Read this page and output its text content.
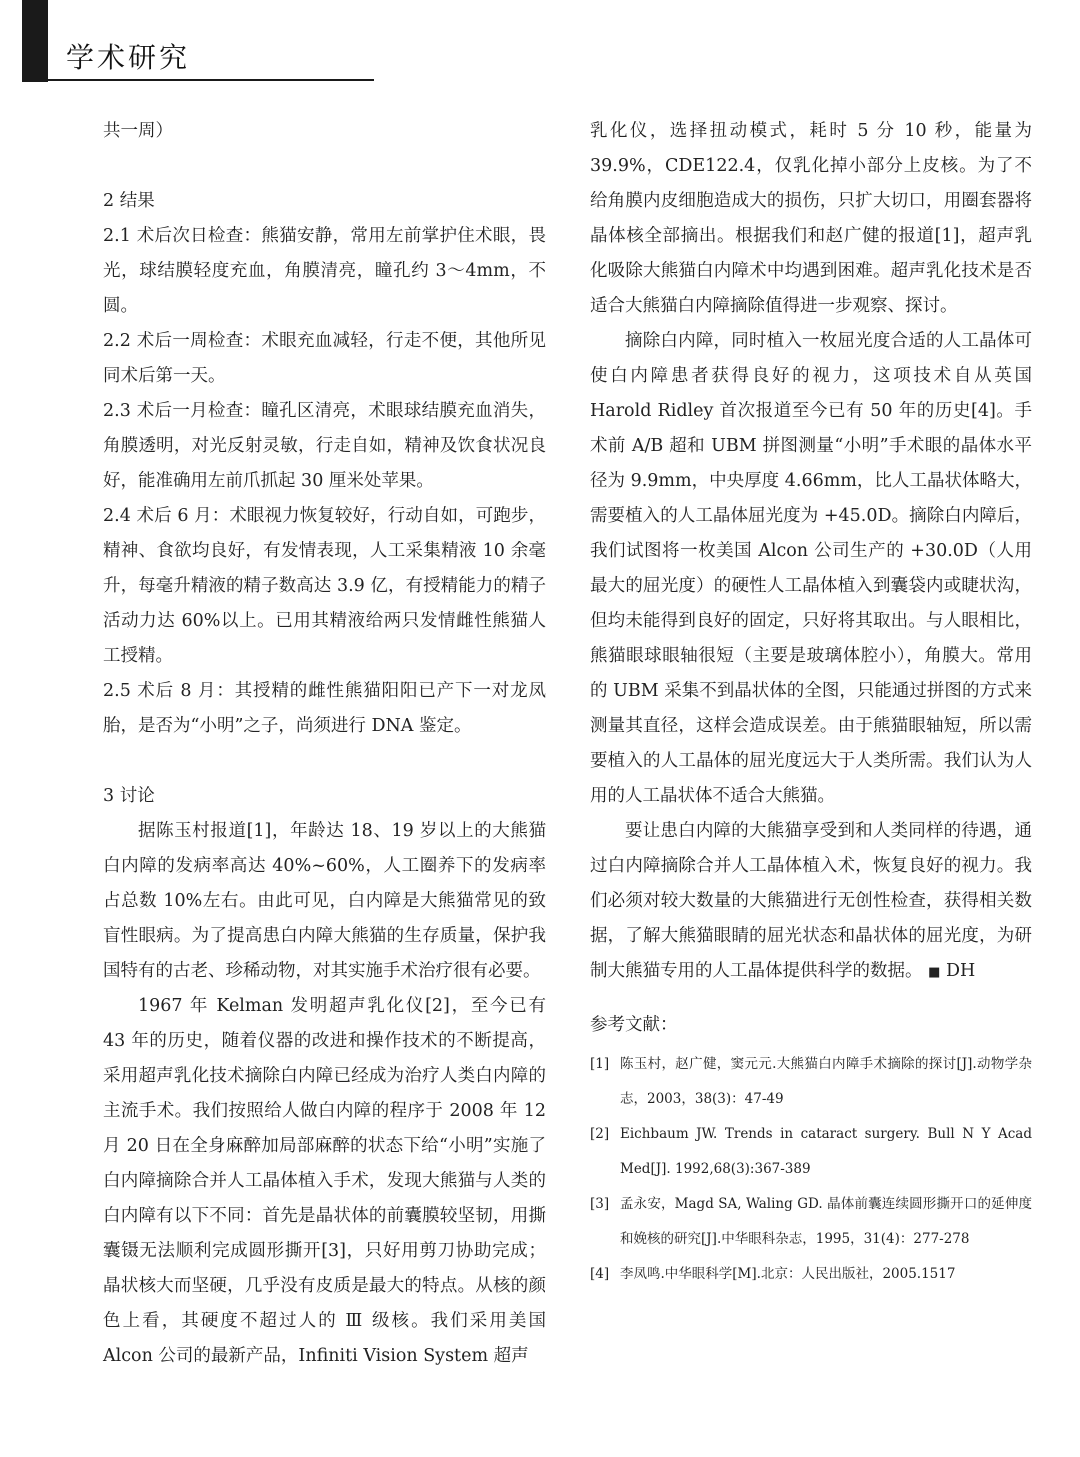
学术研究

共一周）

2 结果

2.1 术后次日检查：熊猫安静，常用左前掌护住术眼，畏光，球结膜轻度充血，角膜清亮，瞳孔约 3～4mm，不圆。

2.2 术后一周检查：术眼充血减轻，行走不便，其他所见同术后第一天。

2.3 术后一月检查：瞳孔区清亮，术眼球结膜充血消失，角膜透明，对光反射灵敏，行走自如，精神及饮食状况良好，能准确用左前爪抓起 30 厘米处苹果。

2.4 术后 6 月：术眼视力恢复较好，行动自如，可跑步，精神、食欲均良好，有发情表现，人工采集精液 10 余毫升，每毫升精液的精子数高达 3.9 亿，有授精能力的精子活动力达 60%以上。已用其精液给两只发情雌性熊猫人工授精。

2.5 术后 8 月：其授精的雌性熊猫阳阳已产下一对龙凤胎，是否为“小明”之子，尚须进行 DNA 鉴定。

3 讨论

据陈玉村报道[1]，年龄达 18、19 岁以上的大熊猫白内障的发病率高达 40%~60%，人工圈养下的发病率占总数 10%左右。由此可见，白内障是大熊猫常见的致盲性眼病。为了提高患白内障大熊猫的生存质量，保护我国特有的古老、珍稀动物，对其实施手术治疗很有必要。

1967 年 Kelman 发明超声乳化仪[2]，至今已有 43 年的历史，随着仪器的改进和操作技术的不断提高，采用超声乳化技术摘除白内障已经成为治疗人类白内障的主流手术。我们按照给人做白内障的程序于 2008 年 12 月 20 日在全身麻醉加局部麻醉的状态下给“小明”实施了白内障摘除合并人工晶体植入手术，发现大熊猫与人类的白内障有以下不同：首先是晶状体的前囊膜较坚韧，用撕囊镊无法顺利完成圆形撕开[3]，只好用剪刀协助完成；晶状核大而坚硬，几乎没有皮质是最大的特点。从核的颜色上看，其硬度不超过人的 Ⅲ 级核。我们采用美国 Alcon 公司的最新产品，Infiniti Vision System 超声

乳化仪，选择扭动模式，耗时 5 分 10 秒，能量为 39.9%，CDE122.4，仅乳化掉小部分上皮核。为了不给角膜内皮细胞造成大的损伤，只扩大切口，用圈套器将晶体核全部摘出。根据我们和赵广健的报道[1]，超声乳化吸除大熊猫白内障术中均遇到困难。超声乳化技术是否适合大熊猫白内障摘除值得进一步观察、探讨。

摘除白内障，同时植入一枚屈光度合适的人工晶体可使白内障患者获得良好的视力，这项技术自从英国 Harold Ridley 首次报道至今已有 50 年的历史[4]。手术前 A/B 超和 UBM 拼图测量“小明”手术眼的晶体水平径为 9.9mm，中央厚度 4.66mm，比人工晶状体略大，需要植入的人工晶体屈光度为 +45.0D。摘除白内障后，我们试图将一枚美国 Alcon 公司生产的 +30.0D（人用最大的屈光度）的硬性人工晶体植入到囊袋内或睫状沟，但均未能得到良好的固定，只好将其取出。与人眼相比，熊猫眼球眼轴很短（主要是玻璃体腔小），角膜大。常用的 UBM 采集不到晶状体的全图，只能通过拼图的方式来测量其直径，这样会造成误差。由于熊猫眼轴短，所以需要植入的人工晶体的屈光度远大于人类所需。我们认为人用的人工晶状体不适合大熊猫。

要让患白内障的大熊猫享受到和人类同样的待遇，通过白内障摘除合并人工晶体植入术，恢复良好的视力。我们必须对较大数量的大熊猫进行无创性检查，获得相关数据，了解大熊猫眼睛的屈光状态和晶状体的屈光度，为研制大熊猫专用的人工晶体提供科学的数据。 ■ DH

参考文献：

[1] 陈玉村，赵广健，窦元元.大熊猫白内障手术摘除的探讨[J].动物学杂志，2003，38(3)：47-49
[2] Eichbaum JW. Trends in cataract surgery. Bull N Y Acad Med[J]. 1992,68(3):367-389
[3] 孟永安，Magd SA, Waling GD. 晶体前囊连续圆形撕开口的延伸度和娩核的研究[J].中华眼科杂志，1995，31(4)：277-278
[4] 李凤鸣.中华眼科学[M].北京：人民出版社，2005.1517
